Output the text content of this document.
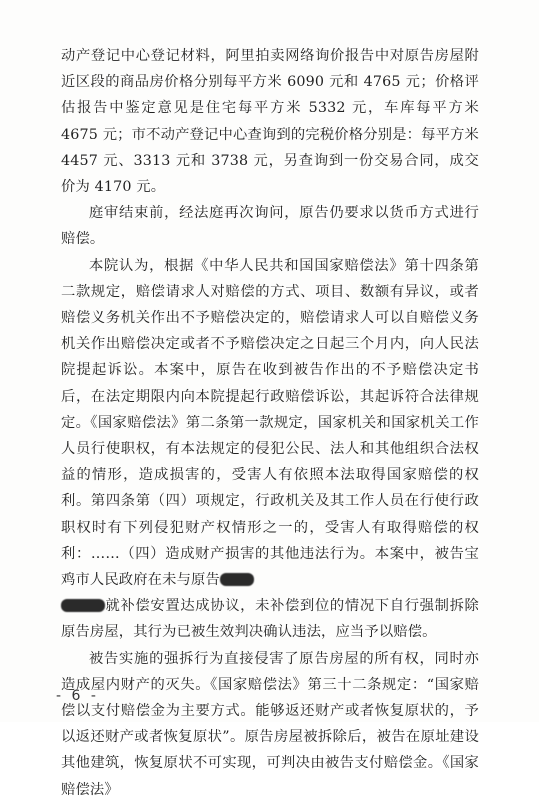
动产登记中心登记材料，阿里拍卖网络询价报告中对原告房屋附近区段的商品房价格分别每平方米 6090 元和 4765 元；价格评估报告中鉴定意见是住宅每平方米 5332 元，车库每平方米 4675 元；市不动产登记中心查询到的完税价格分别是：每平方米 4457 元、3313 元和 3738 元，另查询到一份交易合同，成交价为 4170 元。

庭审结束前，经法庭再次询问，原告仍要求以货币方式进行赔偿。

本院认为，根据《中华人民共和国国家赔偿法》第十四条第二款规定，赔偿请求人对赔偿的方式、项目、数额有异议，或者赔偿义务机关作出不予赔偿决定的，赔偿请求人可以自赔偿义务机关作出赔偿决定或者不予赔偿决定之日起三个月内，向人民法院提起诉讼。本案中，原告在收到被告作出的不予赔偿决定书后，在法定期限内向本院提起行政赔偿诉讼，其起诉符合法律规定。《国家赔偿法》第二条第一款规定，国家机关和国家机关工作人员行使职权，有本法规定的侵犯公民、法人和其他组织合法权益的情形，造成损害的，受害人有依照本法取得国家赔偿的权利。第四条第（四）项规定，行政机关及其工作人员在行使行政职权时有下列侵犯财产权情形之一的，受害人有取得赔偿的权利：……（四）造成财产损害的其他违法行为。本案中，被告宝鸡市人民政府在未与原告
就补偿安置达成协议，未补偿到位的情况下自行强制拆除原告房屋，其行为已被生效判决确认违法，应当予以赔偿。

被告实施的强拆行为直接侵害了原告房屋的所有权，同时亦造成屋内财产的灭失。《国家赔偿法》第三十二条规定：“国家赔偿以支付赔偿金为主要方式。能够返还财产或者恢复原状的，予以返还财产或者恢复原状”。原告房屋被拆除后，被告在原址建设其他建筑，恢复原状不可实现，可判决由被告支付赔偿金。《国家赔偿法》

- 6 -
